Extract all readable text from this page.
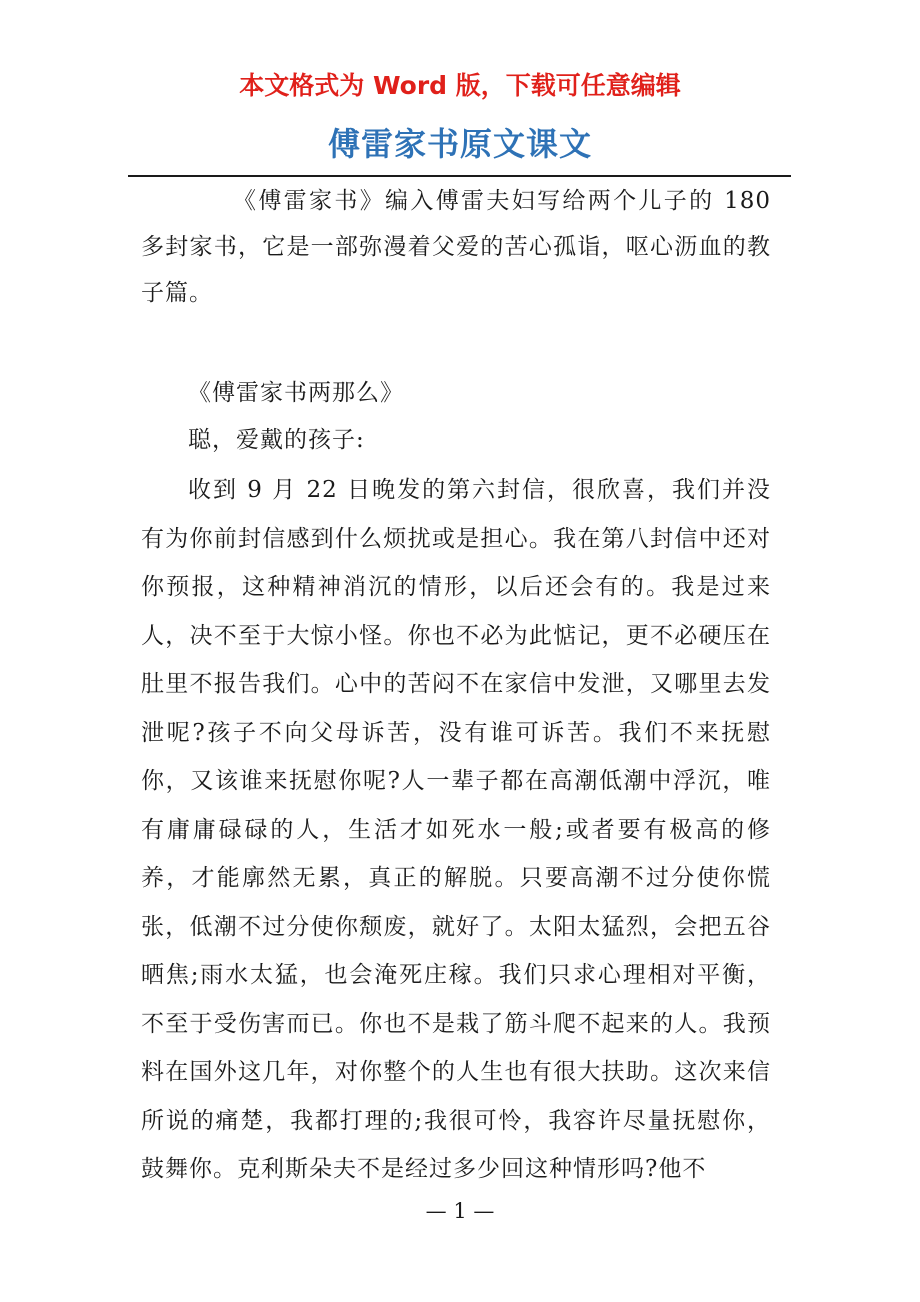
本文格式为 Word 版，下载可任意编辑
傅雷家书原文课文
《傅雷家书》编入傅雷夫妇写给两个儿子的 180 多封家书，它是一部弥漫着父爱的苦心孤诣，呕心沥血的教子篇。
《傅雷家书两那么》
聪，爱戴的孩子:
收到 9 月 22 日晚发的第六封信，很欣喜，我们并没有为你前封信感到什么烦扰或是担心。我在第八封信中还对你预报，这种精神消沉的情形，以后还会有的。我是过来人，决不至于大惊小怪。你也不必为此惦记，更不必硬压在肚里不报告我们。心中的苦闷不在家信中发泄，又哪里去发泄呢?孩子不向父母诉苦，没有谁可诉苦。我们不来抚慰你，又该谁来抚慰你呢?人一辈子都在高潮低潮中浮沉，唯有庸庸碌碌的人，生活才如死水一般;或者要有极高的修养，才能廓然无累，真正的解脱。只要高潮不过分使你慌张，低潮不过分使你颓废，就好了。太阳太猛烈，会把五谷晒焦;雨水太猛，也会淹死庄稼。我们只求心理相对平衡，不至于受伤害而已。你也不是栽了筋斗爬不起来的人。我预料在国外这几年，对你整个的人生也有很大扶助。这次来信所说的痛楚，我都打理的;我很可怜，我容许尽量抚慰你，鼓舞你。克利斯朵夫不是经过多少回这种情形吗?他不
— 1 —
